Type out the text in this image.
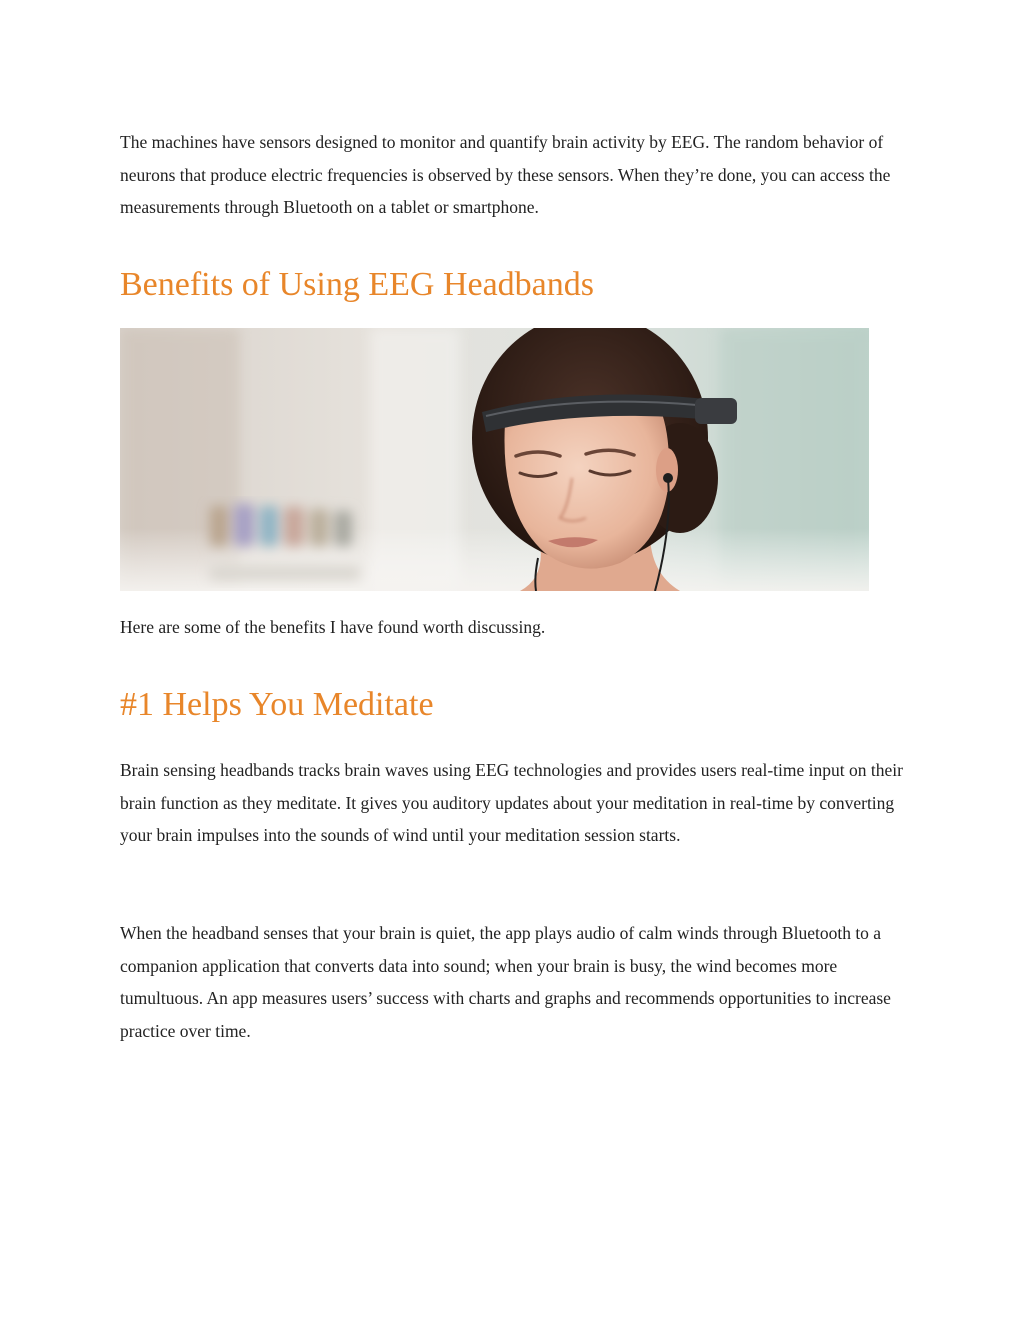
The machines have sensors designed to monitor and quantify brain activity by EEG. The random behavior of neurons that produce electric frequencies is observed by these sensors. When they’re done, you can access the measurements through Bluetooth on a tablet or smartphone.

Benefits of Using EEG Headbands

Here are some of the benefits I have found worth discussing.

#1 Helps You Meditate

Brain sensing headbands tracks brain waves using EEG technologies and provides users real-time input on their brain function as they meditate. It gives you auditory updates about your meditation in real-time by converting your brain impulses into the sounds of wind until your meditation session starts.

When the headband senses that your brain is quiet, the app plays audio of calm winds through Bluetooth to a companion application that converts data into sound; when your brain is busy, the wind becomes more tumultuous. An app measures users’ success with charts and graphs and recommends opportunities to increase practice over time.
